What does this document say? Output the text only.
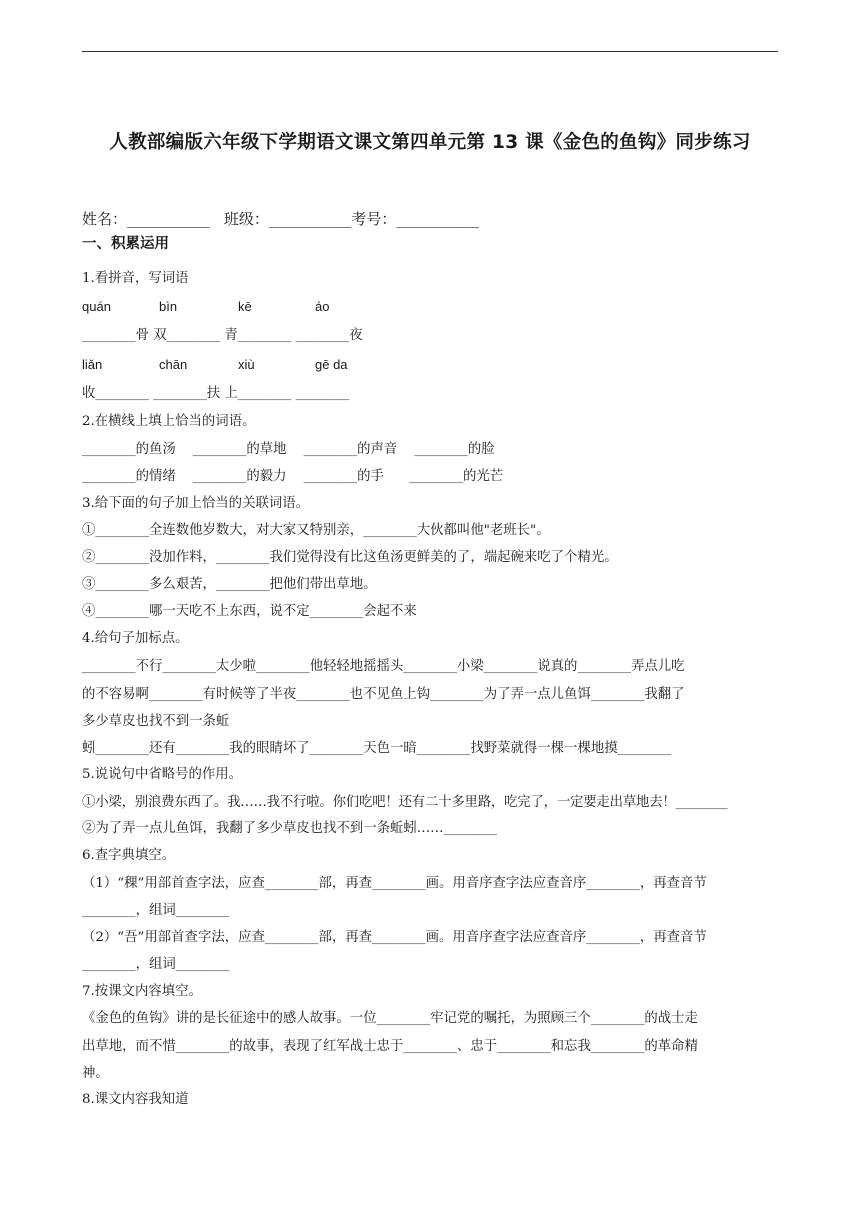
人教部编版六年级下学期语文课文第四单元第 13 课《金色的鱼钩》同步练习
姓名：___________ 班级：___________考号：___________
一、积累运用
1.看拼音，写词语
quán	bìn	kē	áo
________骨 双________ 青________ ________夜
liǎn	chān	xiù	gē da
收________ ________扶 上________ ________
2.在横线上填上恰当的词语。
________的鱼汤    ________的草地    ________的声音    ________的脸
________的情绪    ________的毅力    ________的手      ________的光芒
3.给下面的句子加上恰当的关联词语。
①________全连数他岁数大，对大家又特别亲，________大伙都叫他"老班长"。
②________没加作料，________我们觉得没有比这鱼汤更鲜美的了，端起碗来吃了个精光。
③________多么艰苦，________把他们带出草地。
④________哪一天吃不上东西，说不定________会起不来
4.给句子加标点。
________不行________太少啦________他轻轻地摇摇头________小梁________说真的________弄点儿吃
的不容易啊________有时候等了半夜________也不见鱼上钩________为了弄一点儿鱼饵________我翻了
多少草皮也找不到一条蚯
蚓________还有________我的眼睛坏了________天色一暗________找野菜就得一棵一棵地摸________
5.说说句中省略号的作用。
①小梁，别浪费东西了。我……我不行啦。你们吃吧！还有二十多里路，吃完了，一定要走出草地去！________
②为了弄一点儿鱼饵，我翻了多少草皮也找不到一条蚯蚓……________
6.查字典填空。
（1）“稞”用部首查字法，应查________部，再查________画。用音序查字法应查音序________，再查音节
________，组词________
（2）“吾”用部首查字法，应查________部，再查________画。用音序查字法应查音序________，再查音节
________，组词________
7.按课文内容填空。
《金色的鱼钩》讲的是长征途中的感人故事。一位________牢记党的嘱托，为照顾三个________的战士走
出草地，而不惜________的故事，表现了红军战士忠于________、忠于________和忘我________的革命精
神。
8.课文内容我知道
